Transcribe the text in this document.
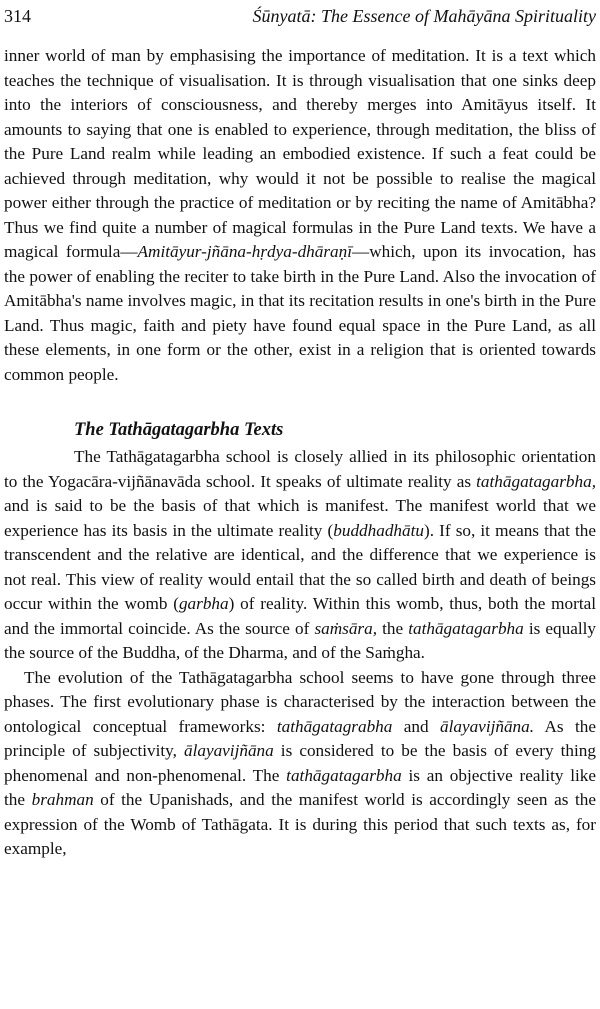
314	Śūnyatā: The Essence of Mahāyāna Spirituality

inner world of man by emphasising the importance of meditation. It is a text which teaches the technique of visualisation. It is through visualisation that one sinks deep into the interiors of consciousness, and thereby merges into Amitāyus itself. It amounts to saying that one is enabled to experience, through meditation, the bliss of the Pure Land realm while leading an embodied existence. If such a feat could be achieved through meditation, why would it not be possible to realise the magical power either through the practice of meditation or by reciting the name of Amitābha? Thus we find quite a number of magical formulas in the Pure Land texts. We have a magical formula—Amitāyur-jñāna-hṛdya-dhāraṇī—which, upon its invocation, has the power of enabling the reciter to take birth in the Pure Land. Also the invocation of Amitābha's name involves magic, in that its recitation results in one's birth in the Pure Land. Thus magic, faith and piety have found equal space in the Pure Land, as all these elements, in one form or the other, exist in a religion that is oriented towards common people.

The Tathāgatagarbha Texts

The Tathāgatagarbha school is closely allied in its philosophic orientation to the Yogacāra-vijñānavāda school. It speaks of ultimate reality as tathāgatagarbha, and is said to be the basis of that which is manifest. The manifest world that we experience has its basis in the ultimate reality (buddhadhātu). If so, it means that the transcendent and the relative are identical, and the difference that we experience is not real. This view of reality would entail that the so called birth and death of beings occur within the womb (garbha) of reality. Within this womb, thus, both the mortal and the immortal coincide. As the source of saṁsāra, the tathāgatagarbha is equally the source of the Buddha, of the Dharma, and of the Saṁgha.

The evolution of the Tathāgatagarbha school seems to have gone through three phases. The first evolutionary phase is characterised by the interaction between the ontological conceptual frameworks: tathāgatagrabha and ālayavijñāna. As the principle of subjectivity, ālayavijñāna is considered to be the basis of every thing phenomenal and non-phenomenal. The tathāgatagarbha is an objective reality like the brahman of the Upanishads, and the manifest world is accordingly seen as the expression of the Womb of Tathāgata. It is during this period that such texts as, for example,
